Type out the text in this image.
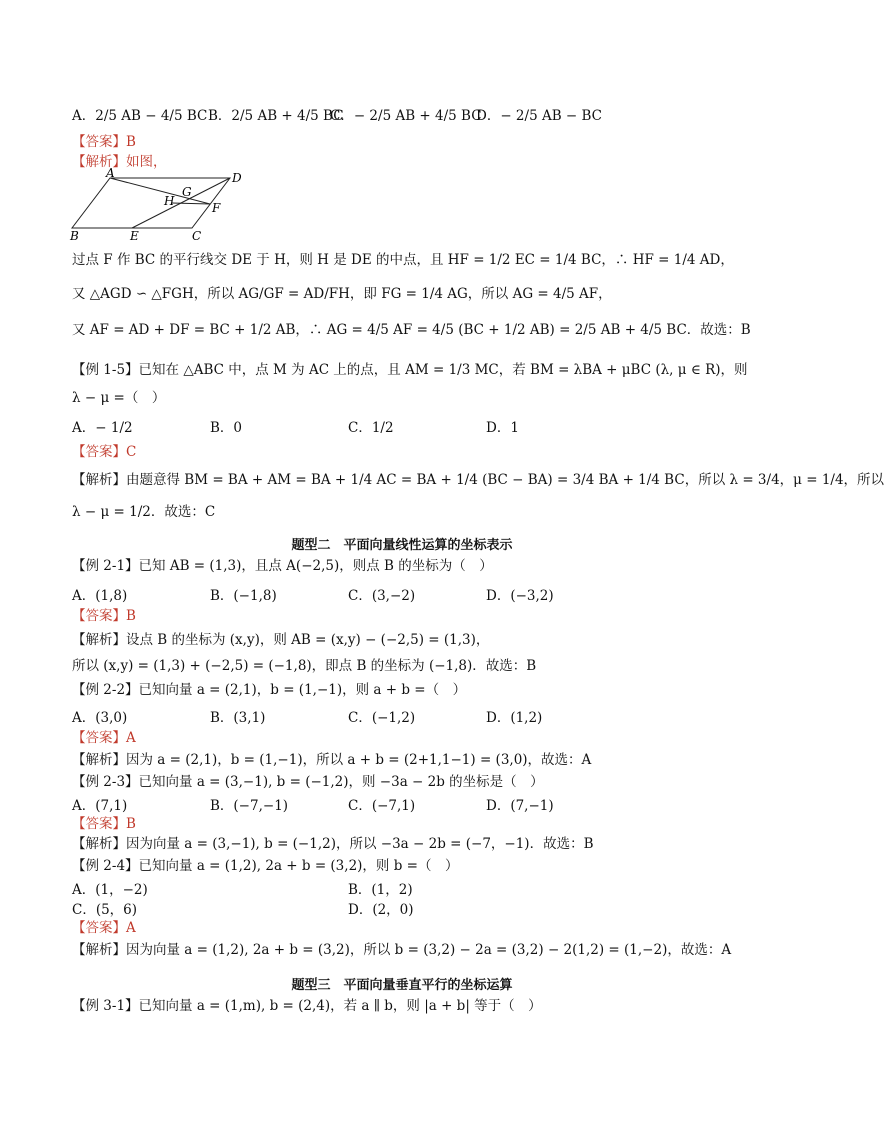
A．2/5 AB − 4/5 BC B．2/5 AB + 4/5 BC
C．− 2/5 AB + 4/5 BC
D．− 2/5 AB − BC
【答案】B
【解析】如图，
A	D
G
H	F
B	E	C
过点 F 作 BC 的平行线交 DE 于 H，则 H 是 DE 的中点，且 HF = 1/2 EC = 1/4 BC，∴ HF = 1/4 AD，
又 △AGD ∽ △FGH，所以 AG/GF = AD/FH，即 FG = 1/4 AG，所以 AG = 4/5 AF，
又 AF = AD + DF = BC + 1/2 AB，∴ AG = 4/5 AF = 4/5 (BC + 1/2 AB) = 2/5 AB + 4/5 BC．故选：B
【例 1-5】已知在 △ABC 中，点 M 为 AC 上的点，且 AM = 1/3 MC，若 BM = λBA + μBC (λ, μ ∈ R)，则
λ − μ =（　）
A．− 1/2	B．0	C．1/2	D．1
【答案】C
【解析】由题意得 BM = BA + AM = BA + 1/4 AC = BA + 1/4 (BC − BA) = 3/4 BA + 1/4 BC，所以 λ = 3/4，μ = 1/4，所以
λ − μ = 1/2．故选：C
题型二　平面向量线性运算的坐标表示
【例 2-1】已知 AB = (1,3)，且点 A(−2,5)，则点 B 的坐标为（　）
A．(1,8)	B．(−1,8)	C．(3,−2)	D．(−3,2)
【答案】B
【解析】设点 B 的坐标为 (x,y)，则 AB = (x,y) − (−2,5) = (1,3)，
所以 (x,y) = (1,3) + (−2,5) = (−1,8)，即点 B 的坐标为 (−1,8)．故选：B
【例 2-2】已知向量 a = (2,1)，b = (1,−1)，则 a + b =（　）
A．(3,0)	B．(3,1)	C．(−1,2)	D．(1,2)
【答案】A
【解析】因为 a = (2,1)，b = (1,−1)，所以 a + b = (2+1,1−1) = (3,0)，故选：A
【例 2-3】已知向量 a = (3,−1), b = (−1,2)，则 −3a − 2b 的坐标是（　）
A．(7,1)	B．(−7,−1)	C．(−7,1)	D．(7,−1)
【答案】B
【解析】因为向量 a = (3,−1), b = (−1,2)，所以 −3a − 2b = (−7，−1)．故选：B
【例 2-4】已知向量 a = (1,2), 2a + b = (3,2)，则 b =（　）
A．(1，−2)	B．(1，2)
C．(5，6)	D．(2，0)
【答案】A
【解析】因为向量 a = (1,2), 2a + b = (3,2)，所以 b = (3,2) − 2a = (3,2) − 2(1,2) = (1,−2)，故选：A
题型三　平面向量垂直平行的坐标运算
【例 3-1】已知向量 a = (1,m), b = (2,4)，若 a ∥ b，则 |a + b| 等于（　）
